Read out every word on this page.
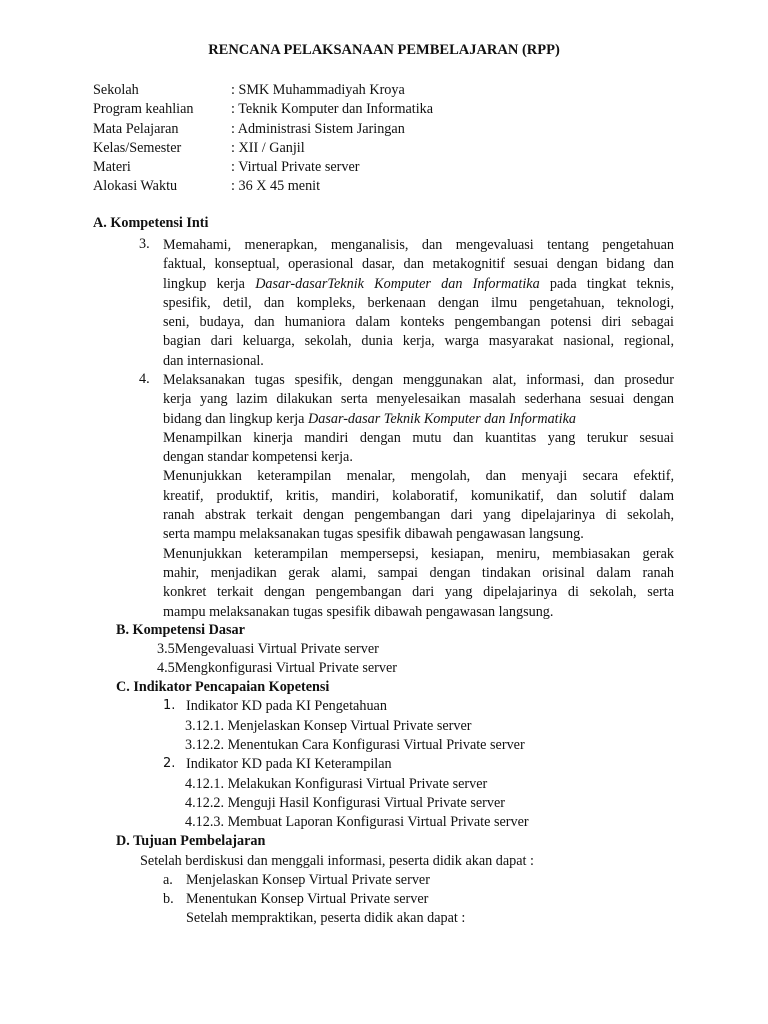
RENCANA PELAKSANAAN PEMBELAJARAN (RPP)
Sekolah	: SMK Muhammadiyah Kroya
Program keahlian	: Teknik Komputer dan Informatika
Mata Pelajaran	: Administrasi Sistem Jaringan
Kelas/Semester	: XII / Ganjil
Materi	: Virtual Private server
Alokasi Waktu	: 36 X 45 menit
A. Kompetensi Inti
3. Memahami, menerapkan, menganalisis, dan mengevaluasi tentang pengetahuan
faktual, konseptual, operasional dasar, dan metakognitif sesuai dengan bidang dan
lingkup kerja Dasar-dasarTeknik Komputer dan Informatika pada tingkat teknis,
spesifik, detil, dan kompleks, berkenaan dengan ilmu pengetahuan, teknologi,
seni, budaya, dan humaniora dalam konteks pengembangan potensi diri sebagai
bagian dari keluarga, sekolah, dunia kerja, warga masyarakat nasional, regional,
dan internasional.
4. Melaksanakan tugas spesifik, dengan menggunakan alat, informasi, dan prosedur
kerja yang lazim dilakukan serta menyelesaikan masalah sederhana sesuai dengan
bidang dan lingkup kerja Dasar-dasar Teknik Komputer dan Informatika
Menampilkan kinerja mandiri dengan mutu dan kuantitas yang terukur sesuai
dengan standar kompetensi kerja.
Menunjukkan keterampilan menalar, mengolah, dan menyaji secara efektif,
kreatif, produktif, kritis, mandiri, kolaboratif, komunikatif, dan solutif dalam
ranah abstrak terkait dengan pengembangan dari yang dipelajarinya di sekolah,
serta mampu melaksanakan tugas spesifik dibawah pengawasan langsung.
Menunjukkan keterampilan mempersepsi, kesiapan, meniru, membiasakan gerak
mahir, menjadikan gerak alami, sampai dengan tindakan orisinal dalam ranah
konkret terkait dengan pengembangan dari yang dipelajarinya di sekolah, serta
mampu melaksanakan tugas spesifik dibawah pengawasan langsung.
B. Kompetensi Dasar
3.5Mengevaluasi Virtual Private server
4.5Mengkonfigurasi Virtual Private server
C. Indikator Pencapaian Kopetensi
1. Indikator KD pada KI Pengetahuan
3.12.1. Menjelaskan Konsep Virtual Private server
3.12.2. Menentukan Cara Konfigurasi Virtual Private server
2. Indikator KD pada KI Keterampilan
4.12.1. Melakukan Konfigurasi Virtual Private server
4.12.2. Menguji Hasil Konfigurasi Virtual Private server
4.12.3. Membuat Laporan Konfigurasi Virtual Private server
D. Tujuan Pembelajaran
Setelah berdiskusi dan menggali informasi, peserta didik akan dapat :
a. Menjelaskan Konsep Virtual Private server
b. Menentukan Konsep Virtual Private server
Setelah mempraktikan, peserta didik akan dapat :
